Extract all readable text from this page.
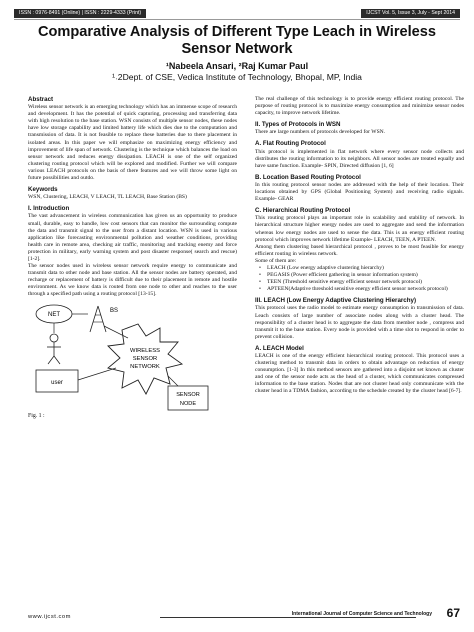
ISSN : 0976-8491 (Online) | ISSN : 2229-4333 (Print)	IJCST Vol. 5, Issue 3, July - Sept 2014
Comparative Analysis of Different Type Leach in Wireless Sensor Network
¹Nabeela Ansari, ²Raj Kumar Paul
¹˒2Dept. of CSE, Vedica Institute of Technology, Bhopal, MP, India
Abstract

Wireless sensor network is an emerging technology which has an immense scope of research and development. It has the potential of quick capturing, processing and transferring data with high resolution to the base station. WSN consists of multiple sensor nodes, these nodes have low storage capability and limited battery life which dies due to the computation and transmission of data. It is not feasible to replace these batteries due to there placement in isolated areas. In this paper we will emphasize on maximizing energy efficiency and improvement of life span of network. Clustering is the technique which balances the load on sensor network and reduces energy dissipation. LEACH is one of the self organized clustering routing protocol which will be explored and modified. Further we will compare various LEACH protocols on the basis of there features and we will throw some light on future possibilities and outdo.

Keywords

WSN, Clustering, LEACH, V LEACH, TL LEACH, Base Station (BS)

I. Introduction

The vast advancement in wireless communication has given us an opportunity to produce small, durable, easy to handle, low cost sensors that can monitor the surrounding compute the data and transmit signal to the user from a distant location. WSN is used in various application like forecasting environmental pollution and weather conditions, providing health care in remote area, checking air traffic, monitoring and tracking enemy and force protection in military, early warning system and post disaster response( search and rescue) [1-2].

The sensor nodes used in wireless sensor network require energy to communicate and transmit data to other node and base station. All the sensor nodes are battery operated, and recharge or replacement of battery is difficult due to their placement in remote and hostile environment. As we know data is routed from one node to other and reaches to the user through a specified path using a routing protocol [13-15].

NET
BS
user
WIRELESS
SENSOR
NETWORK
SENSOR
NODE
Fig. 1 :

The real challenge of this technology is to provide energy efficient routing protocol. The purpose of routing protocol is to maximize energy consumption and minimize sensor nodes capacity, to improve network lifetime.

II. Types of Protocols in WSN

There are large numbers of protocols developed for WSN.

A. Flat Routing Protocol

This protocol is implemented in flat network where every sensor node collects and distributes the routing information to its neighbors. All sensor nodes are treated equally and have same function. Example- SPIN, Directed diffusion [1, 6]

B. Location Based Routing Protocol

In this routing protocol sensor nodes are addressed with the help of their location. Their locations obtained by GPS (Global Positioning System) and receiving radio signals. Example- GEAR

C. Hierarchical Routing Protocol

This routing protocol plays an important role in scalability and stability of network. In hierarchical structure higher energy nodes are used to aggregate and send the information whereas low energy nodes are used to sense the data. This is an energy efficient routing protocol which improves network lifetime Example- LEACH, TEEN, A PTEEN.

Among them clustering based hierarchical protocol , proves to be most feasible for energy efficient routing in wireless network.

Some of them are:

• LEACH (Low energy adaptive clustering hierarchy)
• PEGASIS (Power efficient gathering in sensor information system)
• TEEN (Threshold sensitive energy efficient sensor network protocol)
• APTEEN(Adaptive threshold sensitive energy efficient sensor network protocol)
III. LEACH (Low Energy Adaptive Clustering Hierarchy)

This protocol uses the radio model to estimate energy consumption in transmission of data. Leach consists of large number of associate nodes along with a cluster head. The responsibility of a cluster head is to aggregate the data from member node , compress and transmit it to the base station. Every node is provided with a time slot to respond in order to prevent collision.

A. LEACH Model

LEACH is one of the energy efficient hierarchical routing protocol. This protocol uses a clustering method to transmit data in orders to obtain advantage on reduction of energy consumption. [1-3] In this method sensors are gathered into a disjoint set known as cluster and one of the sensor node acts as the head of a cluster, which communicates compressed information to the base station. Nodes that are not cluster head only communicate with the cluster head in a TDMA fashion, according to the schedule created by the cluster head [6-7].

www.ijcst.com	International Journal of Computer Science and Technology 67
